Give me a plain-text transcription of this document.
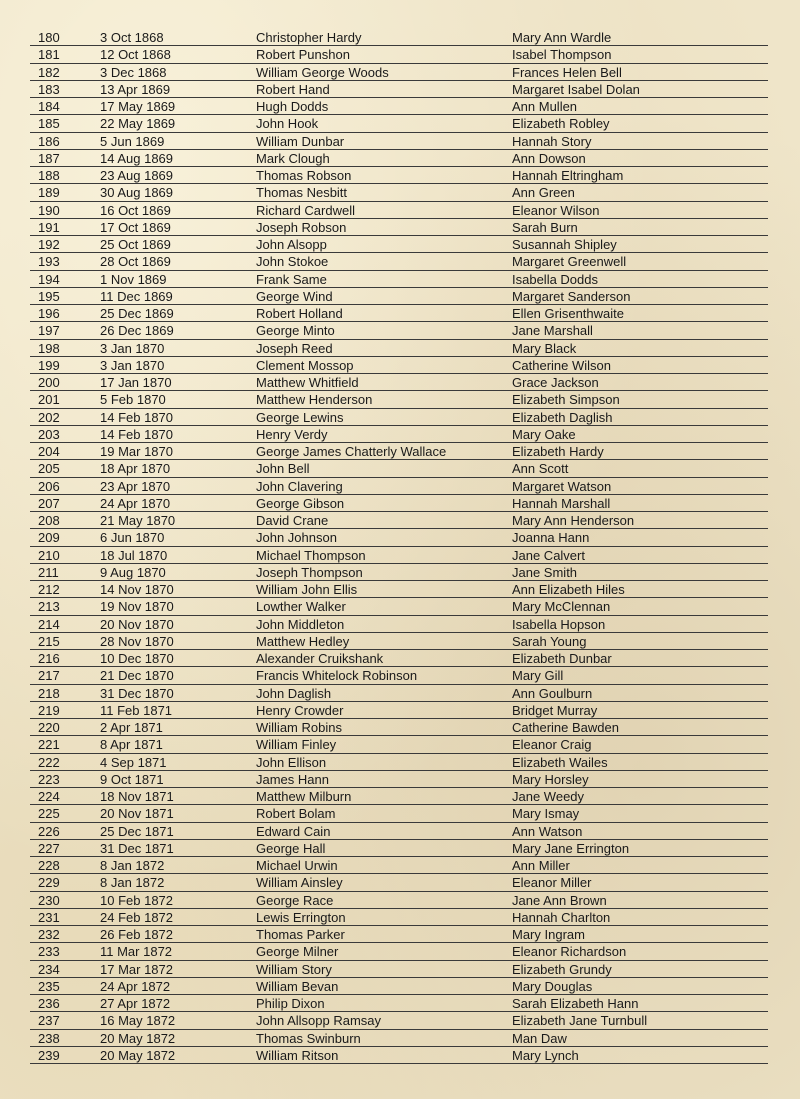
180	3 Oct 1868	Christopher Hardy	Mary Ann Wardle
181	12 Oct 1868	Robert Punshon	Isabel Thompson
182	3 Dec 1868	William George Woods	Frances Helen Bell
183	13 Apr 1869	Robert Hand	Margaret Isabel Dolan
184	17 May 1869	Hugh Dodds	Ann Mullen
185	22 May 1869	John Hook	Elizabeth Robley
186	5 Jun 1869	William Dunbar	Hannah Story
187	14 Aug 1869	Mark Clough	Ann Dowson
188	23 Aug 1869	Thomas Robson	Hannah Eltringham
189	30 Aug 1869	Thomas Nesbitt	Ann Green
190	16 Oct 1869	Richard Cardwell	Eleanor Wilson
191	17 Oct 1869	Joseph Robson	Sarah Burn
192	25 Oct 1869	John Alsopp	Susannah Shipley
193	28 Oct 1869	John Stokoe	Margaret Greenwell
194	1 Nov 1869	Frank Same	Isabella Dodds
195	11 Dec 1869	George Wind	Margaret Sanderson
196	25 Dec 1869	Robert Holland	Ellen Grisenthwaite
197	26 Dec 1869	George Minto	Jane Marshall
198	3 Jan 1870	Joseph Reed	Mary Black
199	3 Jan 1870	Clement Mossop	Catherine Wilson
200	17 Jan 1870	Matthew Whitfield	Grace Jackson
201	5 Feb 1870	Matthew Henderson	Elizabeth Simpson
202	14 Feb 1870	George Lewins	Elizabeth Daglish
203	14 Feb 1870	Henry Verdy	Mary Oake
204	19 Mar 1870	George James Chatterly Wallace	Elizabeth Hardy
205	18 Apr 1870	John Bell	Ann Scott
206	23 Apr 1870	John Clavering	Margaret Watson
207	24 Apr 1870	George Gibson	Hannah Marshall
208	21 May 1870	David Crane	Mary Ann Henderson
209	6 Jun 1870	John Johnson	Joanna Hann
210	18 Jul 1870	Michael Thompson	Jane Calvert
211	9 Aug 1870	Joseph Thompson	Jane Smith
212	14 Nov 1870	William John Ellis	Ann Elizabeth Hiles
213	19 Nov 1870	Lowther Walker	Mary McClennan
214	20 Nov 1870	John Middleton	Isabella Hopson
215	28 Nov 1870	Matthew Hedley	Sarah Young
216	10 Dec 1870	Alexander Cruikshank	Elizabeth Dunbar
217	21 Dec 1870	Francis Whitelock Robinson	Mary Gill
218	31 Dec 1870	John Daglish	Ann Goulburn
219	11 Feb 1871	Henry Crowder	Bridget Murray
220	2 Apr 1871	William Robins	Catherine Bawden
221	8 Apr 1871	William Finley	Eleanor Craig
222	4 Sep 1871	John Ellison	Elizabeth Wailes
223	9 Oct 1871	James Hann	Mary Horsley
224	18 Nov 1871	Matthew Milburn	Jane Weedy
225	20 Nov 1871	Robert Bolam	Mary Ismay
226	25 Dec 1871	Edward Cain	Ann Watson
227	31 Dec 1871	George Hall	Mary Jane Errington
228	8 Jan 1872	Michael Urwin	Ann Miller
229	8 Jan 1872	William Ainsley	Eleanor Miller
230	10 Feb 1872	George Race	Jane Ann Brown
231	24 Feb 1872	Lewis Errington	Hannah Charlton
232	26 Feb 1872	Thomas Parker	Mary Ingram
233	11 Mar 1872	George Milner	Eleanor Richardson
234	17 Mar 1872	William Story	Elizabeth Grundy
235	24 Apr 1872	William Bevan	Mary Douglas
236	27 Apr 1872	Philip Dixon	Sarah Elizabeth Hann
237	16 May 1872	John Allsopp Ramsay	Elizabeth Jane Turnbull
238	20 May 1872	Thomas Swinburn	Man Daw
239	20 May 1872	William Ritson	Mary Lynch
